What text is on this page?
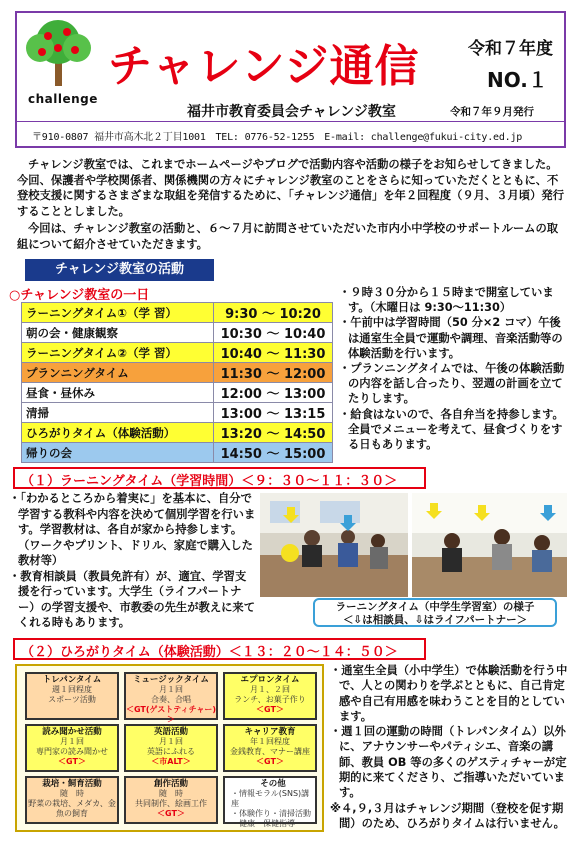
challenge
チャレンジ通信	令和７年度
NO.１
福井市教育委員会チャレンジ教室	令和７年９月発行
〒910-0807 福井市高木北２丁目1001　TEL: 0776-52-1255　E-mail: challenge@fukui-city.ed.jp
チャレンジ教室では、これまでホームページやブログで活動内容や活動の様子をお知らせしてきました。今回、保護者や学校関係者、関係機関の方々にチャレンジ教室のことをさらに知っていただくとともに、不登校支援に関するさまざまな取組を発信するために、「チャレンジ通信」を年２回程度（９月、３月頃）発行することとしました。
今回は、チャレンジ教室の活動と、６～７月に訪問させていただいた市内小中学校のサポートルームの取組について紹介させていただきます。
チャレンジ教室の活動
○チャレンジ教室の一日
ラーニングタイム①（学 習）	9:30 ～ 10:20
朝の会・健康観察	10:30 ～ 10:40
ラーニングタイム②（学 習）	10:40 ～ 11:30
プランニングタイム	11:30 ～ 12:00
昼食・昼休み	12:00 ～ 13:00
清掃	13:00 ～ 13:15
ひろがりタイム（体験活動）	13:20 ～ 14:50
帰りの会	14:50 ～ 15:00
・９時３０分から１５時まで開室しています。（木曜日は 9:30～11:30）
・午前中は学習時間（50 分×2 コマ）午後は通室生全員で運動や調理、音楽活動等の体験活動を行います。
・プランニングタイムでは、午後の体験活動の内容を話し合ったり、翌週の計画を立てたりします。
・給食はないので、各自弁当を持参します。全員でメニューを考えて、昼食づくりをする日もあります。
（１）ラーニングタイム（学習時間）＜９：３０～１１：３０＞
・「わかるところから着実に」を基本に、自分で学習する教科や内容を決めて個別学習を行います。学習教材は、各自が家から持参します。（ワークやプリント、ドリル、家庭で購入した教材等）
・教育相談員（教員免許有）が、適宜、学習支援を行っています。大学生（ライフパートナー）の学習支援や、市教委の先生が教えに来てくれる時もあります。
ラーニングタイム（中学生学習室）の様子
＜⇩は相談員、⇩はライフパートナー＞
（２）ひろがりタイム（体験活動）＜１３：２０～１４：５０＞
トレパンタイム
週１回程度
スポーツ活動
ミュージックタイム
月１回
合奏、合唱
＜GT(ゲストティチャー)＞
エプロンタイム
月１、２回
ランチ、お菓子作り
＜GT＞
読み聞かせ活動
月１回
専門家の読み聞かせ
＜GT＞
英語活動
月１回
英語にふれる
＜市ALT＞
キャリア教育
年１回程度
金銭教育、マナー講座
＜GT＞
栽培・飼育活動
随　時
野菜の栽培、メダカ、金魚の飼育
創作活動
随　時
共同制作、絵画工作
＜GT＞
その他
・情報モラル(SNS)講座
・体験作り・清掃活動
・健康・保健指導
・通室生全員（小中学生）で体験活動を行う中で、人との関わりを学ぶとともに、自己肯定感や自己有用感を味わうことを目的としています。
・週１回の運動の時間（トレパンタイム）以外に、アナウンサーやパティシエ、音楽の講師、教員 OB 等の多くのゲスティチャーが定期的に来てくださり、ご指導いただいています。
※４,９,３月はチャレンジ期間（登校を促す期間）のため、ひろがりタイムは行いません。
